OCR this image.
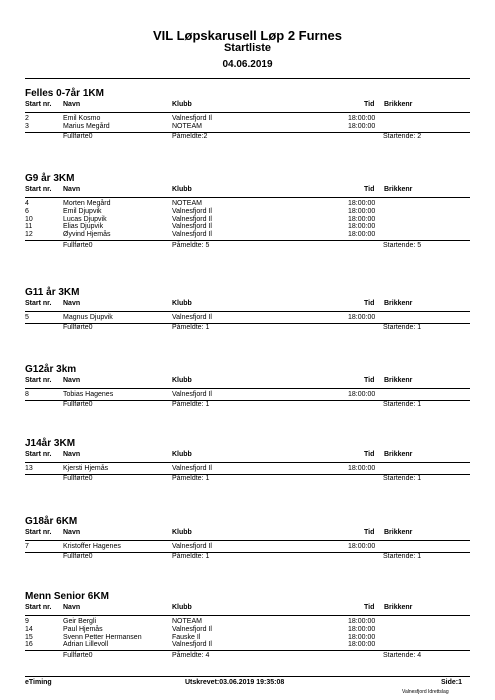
VIL Løpskarusell Løp 2 Furnes
Startliste
04.06.2019
Felles 0-7år 1KM
Start nr. Navn	Klubb	Tid Brikkenr
2	Emil Kosmo	Valnesfjord Il	18:00:00
3	Marius Megård	NOTEAM	18:00:00
Fullførte0	Påmeldte:2	Startende: 2
G9 år 3KM
Start nr. Navn	Klubb	Tid Brikkenr
4	Morten Megård	NOTEAM	18:00:00
6	Emil Djupvik	Valnesfjord Il	18:00:00
10	Lucas Djupvik	Valnesfjord Il	18:00:00
11	Elias Djupvik	Valnesfjord Il	18:00:00
12	Øyvind Hjemås	Valnesfjord Il	18:00:00
Fullførte0	Påmeldte: 5	Startende: 5
G11 år 3KM
Start nr. Navn	Klubb	Tid Brikkenr
5	Magnus Djupvik	Valnesfjord Il	18:00:00
Fullførte0	Påmeldte: 1	Startende: 1
G12år 3km
Start nr. Navn	Klubb	Tid Brikkenr
8	Tobias Hagenes	Valnesfjord Il	18:00:00
Fullførte0	Påmeldte: 1	Startende: 1
J14år 3KM
Start nr. Navn	Klubb	Tid Brikkenr
13	Kjersti Hjemås	Valnesfjord Il	18:00:00
Fullførte0	Påmeldte: 1	Startende: 1
G18år 6KM
Start nr. Navn	Klubb	Tid Brikkenr
7	Kristoffer Hagenes	Valnesfjord Il	18:00:00
Fullførte0	Påmeldte: 1	Startende: 1
Menn Senior 6KM
Start nr. Navn	Klubb	Tid Brikkenr
9	Geir Bergli	NOTEAM	18:00:00
14	Paul Hjemås	Valnesfjord Il	18:00:00
15	Svenn Petter Hermansen	Fauske Il	18:00:00
16	Adrian Lillevoll	Valnesfjord Il	18:00:00
Fullførte0	Påmeldte: 4	Startende: 4
eTiming	Utskrevet:03.06.2019 19:35:08	Side:1
Valnesfjord Idrettslag
